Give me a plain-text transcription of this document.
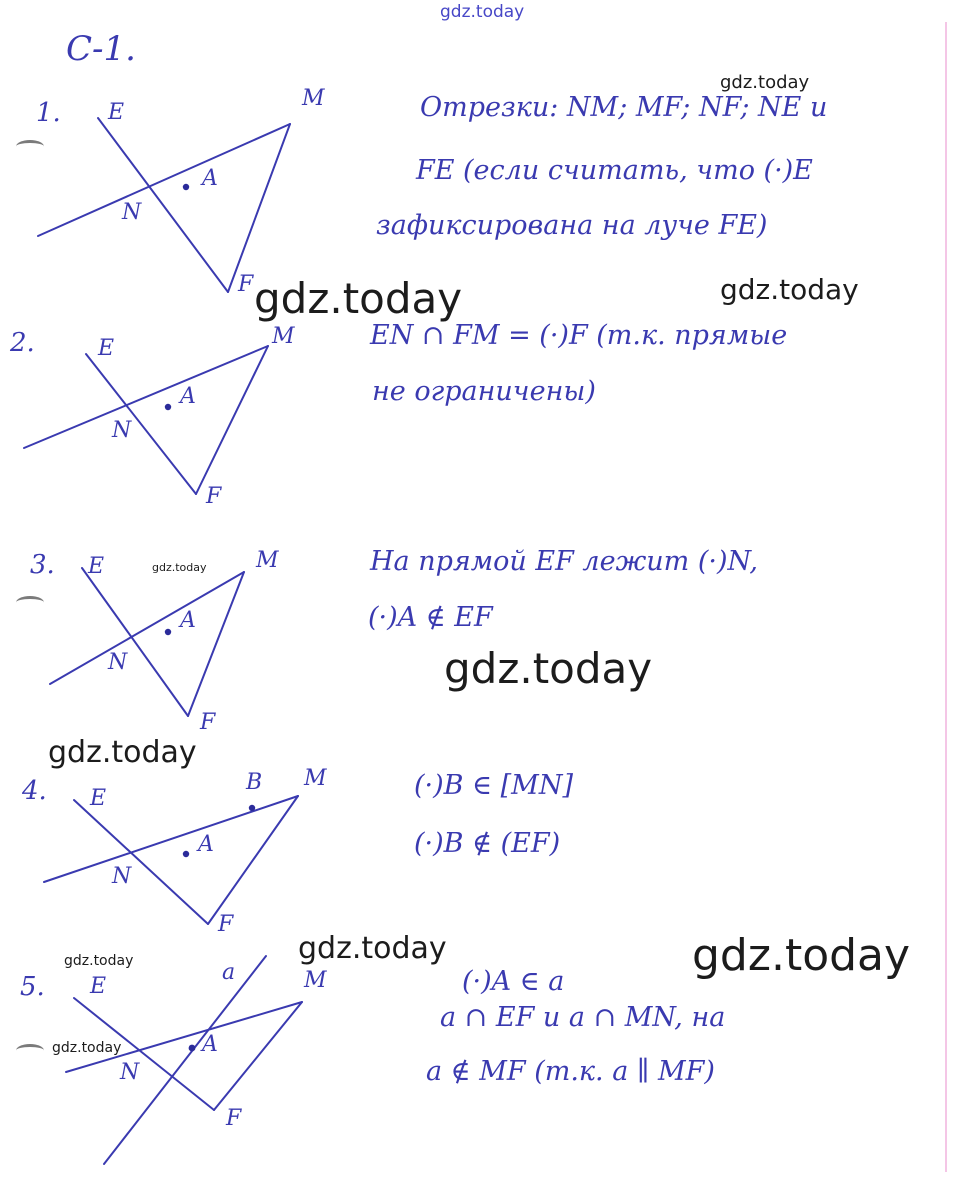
gdz.today
C-1.
1. E
M
N
A
F
Отрезки: NM; MF; NF; NE и
FE (если считать, что (·)E
зафиксирована на луче FE)
2.	E	M
N
A
F
EN ∩ FM = (·)F (т.к. прямые
не ограничены)
3. E	M
N
A
F
На прямой EF лежит (·)N,
(·)A ∉ EF
4. E
B M
N
A
F
(·)B ∈ [MN]
(·)B ∉ (EF)
5. E
a	M
N
A
F
(·)A ∈ a
a ∩ EF и a ∩ MN, на
a ∉ MF (т.к. a ∥ MF)
gdz.today
gdz.today	gdz.today
gdz.today
gdz.today
gdz.today
gdz.today	gdz.today
gdz.today
gdz.today
